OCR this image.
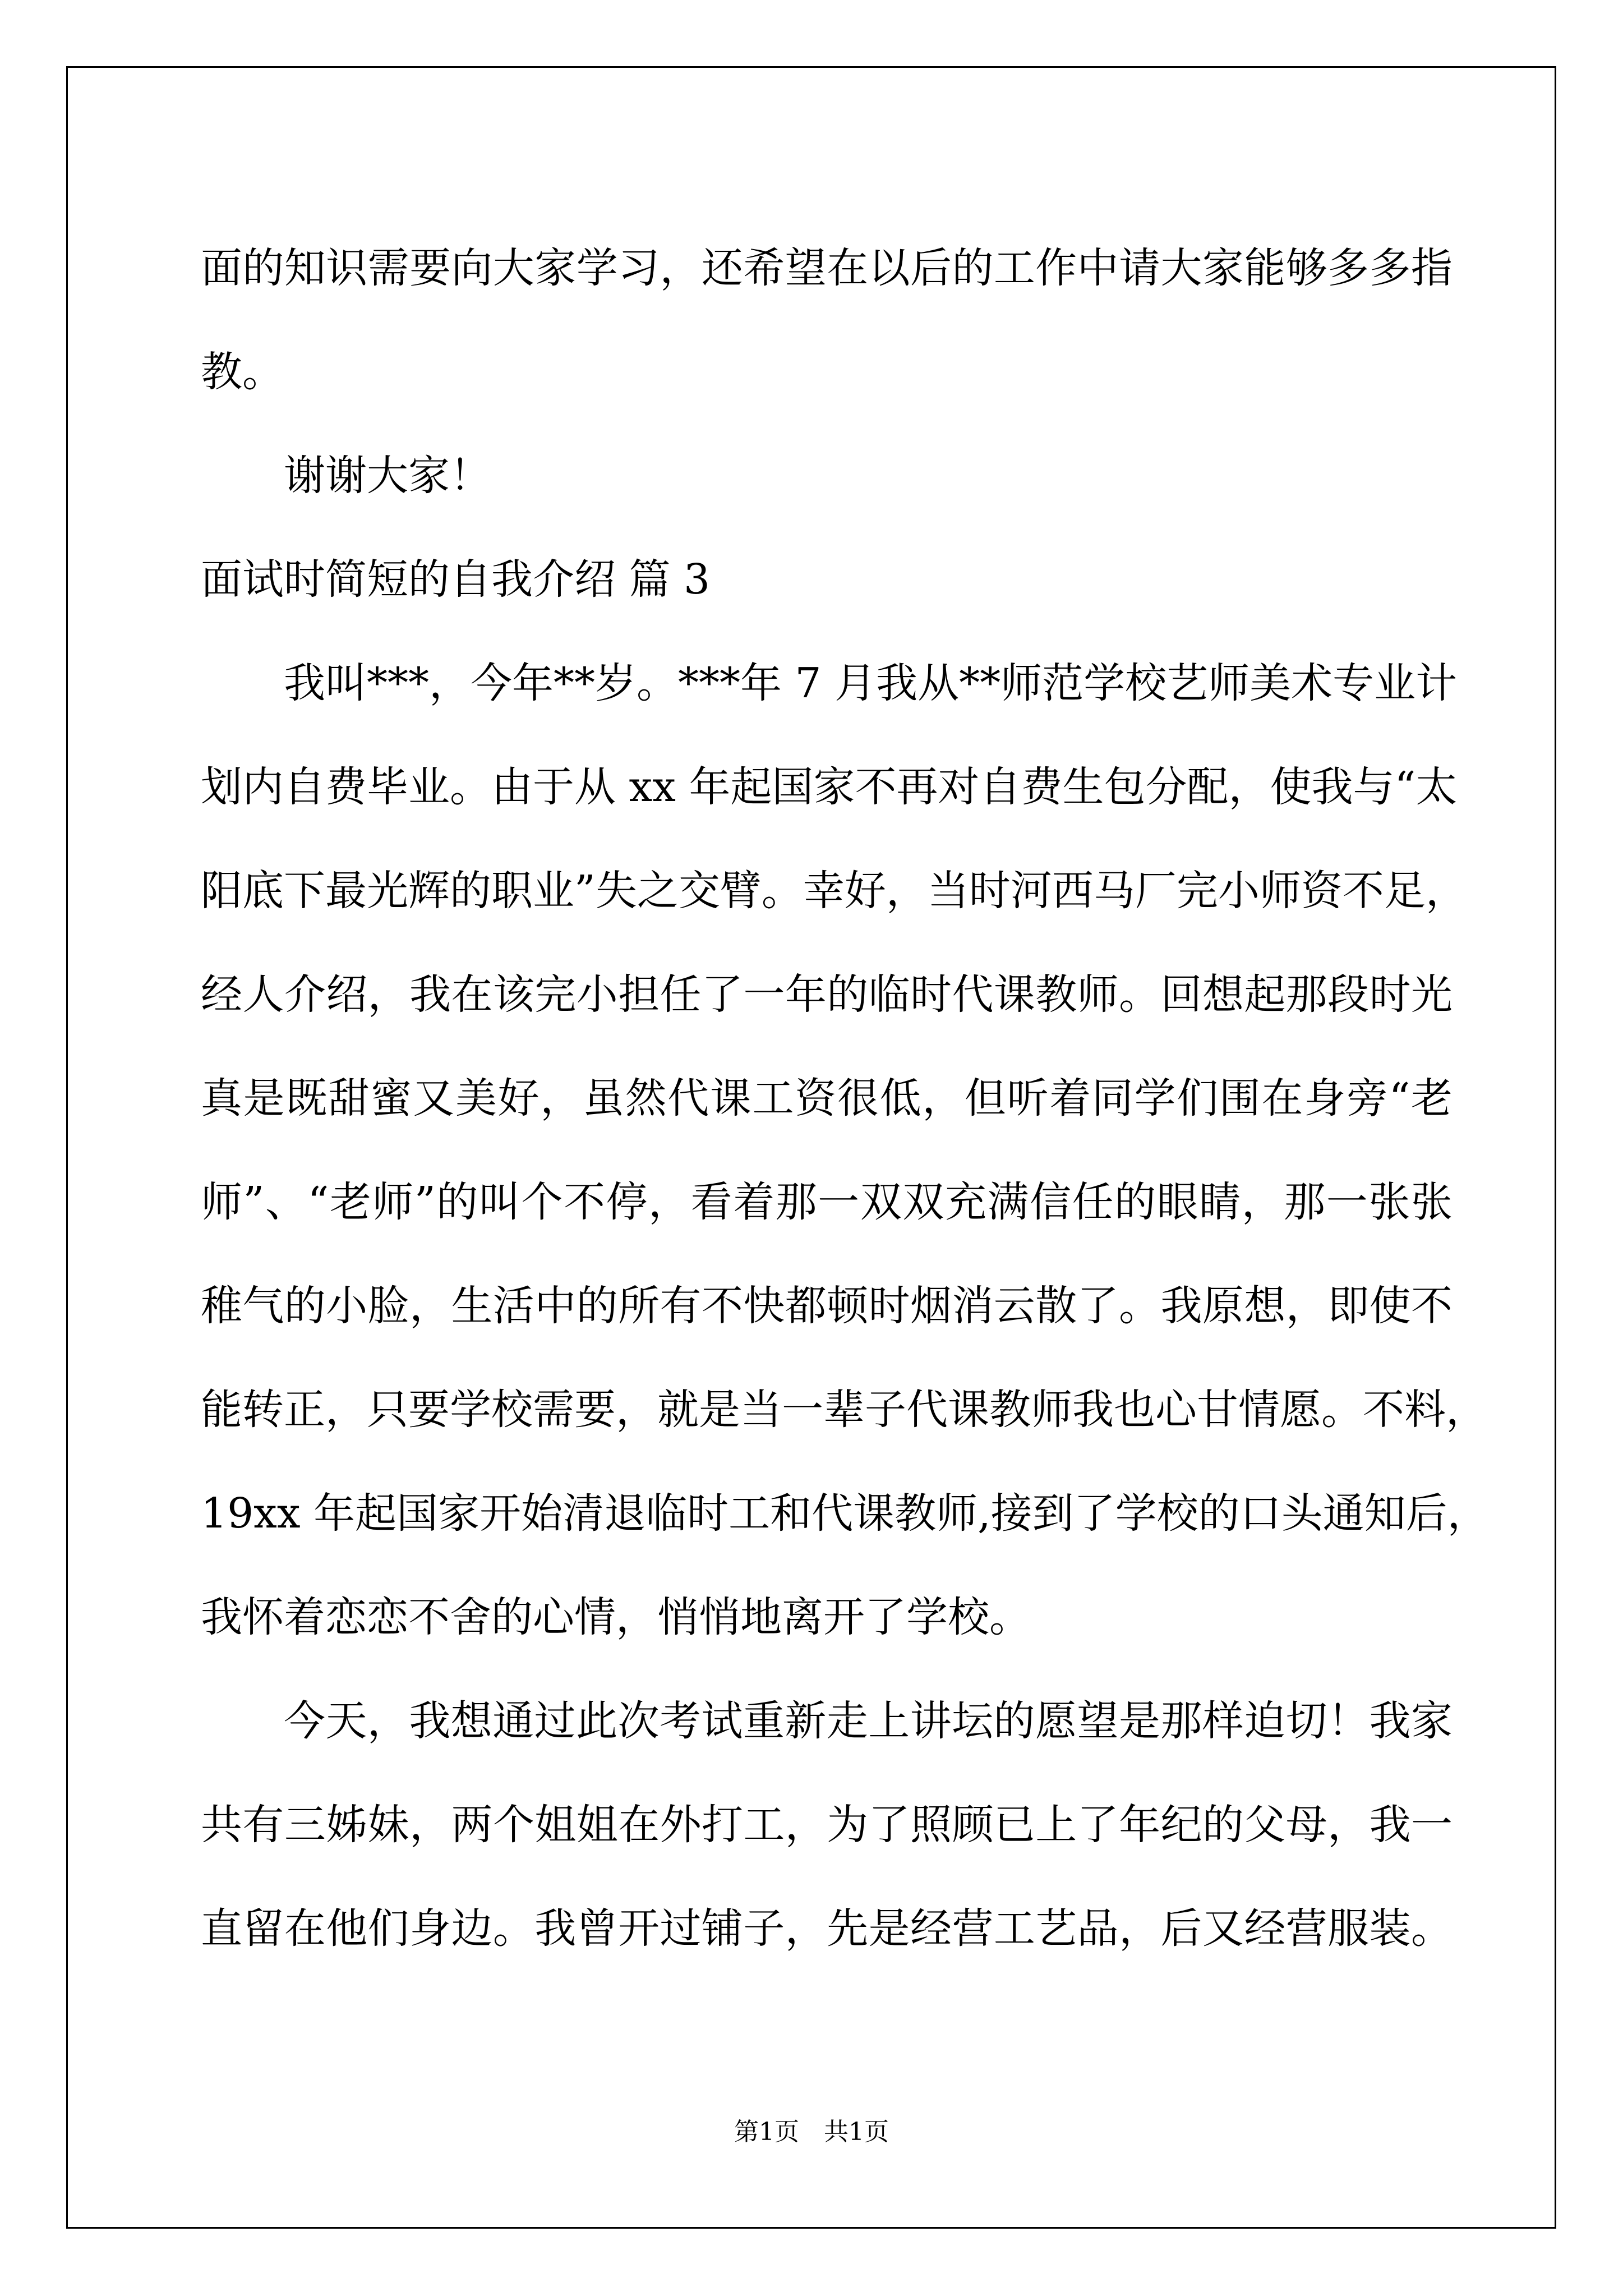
面的知识需要向大家学习，还希望在以后的工作中请大家能够多多指
教。
谢谢大家！
面试时简短的自我介绍 篇 3
我叫***，今年**岁。***年 7 月我从**师范学校艺师美术专业计
划内自费毕业。由于从 xx 年起国家不再对自费生包分配，使我与“太
阳底下最光辉的职业”失之交臂。幸好，当时河西马厂完小师资不足，
经人介绍，我在该完小担任了一年的临时代课教师。回想起那段时光
真是既甜蜜又美好，虽然代课工资很低，但听着同学们围在身旁“老
师”、“老师”的叫个不停，看着那一双双充满信任的眼睛，那一张张
稚气的小脸，生活中的所有不快都顿时烟消云散了。我原想，即使不
能转正，只要学校需要，就是当一辈子代课教师我也心甘情愿。不料，
19xx 年起国家开始清退临时工和代课教师,接到了学校的口头通知后，
我怀着恋恋不舍的心情，悄悄地离开了学校。
今天，我想通过此次考试重新走上讲坛的愿望是那样迫切！我家
共有三姊妹，两个姐姐在外打工，为了照顾已上了年纪的父母，我一
直留在他们身边。我曾开过铺子，先是经营工艺品，后又经营服装。
第1页 共1页
